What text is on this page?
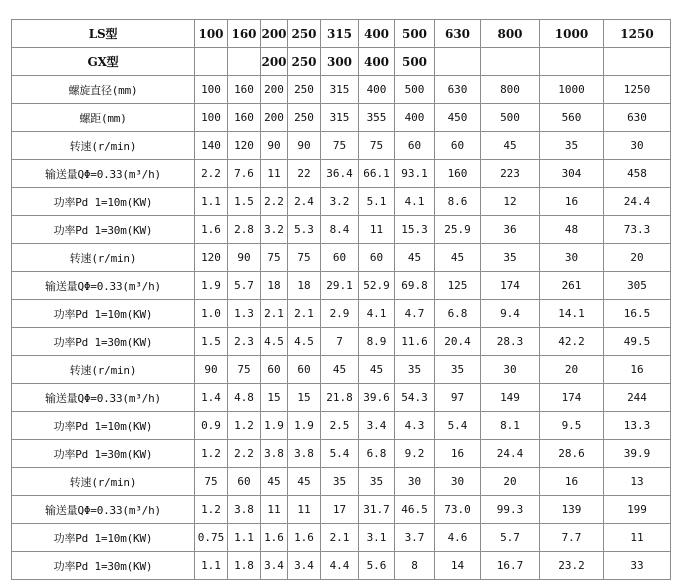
LS型	100	160	200	250	315	400	500	630	800	1000	1250
GX型			200	250	300	400	500				
螺旋直径(mm)	100	160	200	250	315	400	500	630	800	1000	1250
螺距(mm)	100	160	200	250	315	355	400	450	500	560	630
转速(r/min)	140	120	90	90	75	75	60	60	45	35	30
输送量QΦ=0.33(m³/h)	2.2	7.6	11	22	36.4	66.1	93.1	160	223	304	458
功率Pd 1=10m(KW)	1.1	1.5	2.2	2.4	3.2	5.1	4.1	8.6	12	16	24.4
功率Pd 1=30m(KW)	1.6	2.8	3.2	5.3	8.4	11	15.3	25.9	36	48	73.3
转速(r/min)	120	90	75	75	60	60	45	45	35	30	20
输送量QΦ=0.33(m³/h)	1.9	5.7	18	18	29.1	52.9	69.8	125	174	261	305
功率Pd 1=10m(KW)	1.0	1.3	2.1	2.1	2.9	4.1	4.7	6.8	9.4	14.1	16.5
功率Pd 1=30m(KW)	1.5	2.3	4.5	4.5	7	8.9	11.6	20.4	28.3	42.2	49.5
转速(r/min)	90	75	60	60	45	45	35	35	30	20	16
输送量QΦ=0.33(m³/h)	1.4	4.8	15	15	21.8	39.6	54.3	97	149	174	244
功率Pd 1=10m(KW)	0.9	1.2	1.9	1.9	2.5	3.4	4.3	5.4	8.1	9.5	13.3
功率Pd 1=30m(KW)	1.2	2.2	3.8	3.8	5.4	6.8	9.2	16	24.4	28.6	39.9
转速(r/min)	75	60	45	45	35	35	30	30	20	16	13
输送量QΦ=0.33(m³/h)	1.2	3.8	11	11	17	31.7	46.5	73.0	99.3	139	199
功率Pd 1=10m(KW)	0.75	1.1	1.6	1.6	2.1	3.1	3.7	4.6	5.7	7.7	11
功率Pd 1=30m(KW)	1.1	1.8	3.4	3.4	4.4	5.6	8	14	16.7	23.2	33
